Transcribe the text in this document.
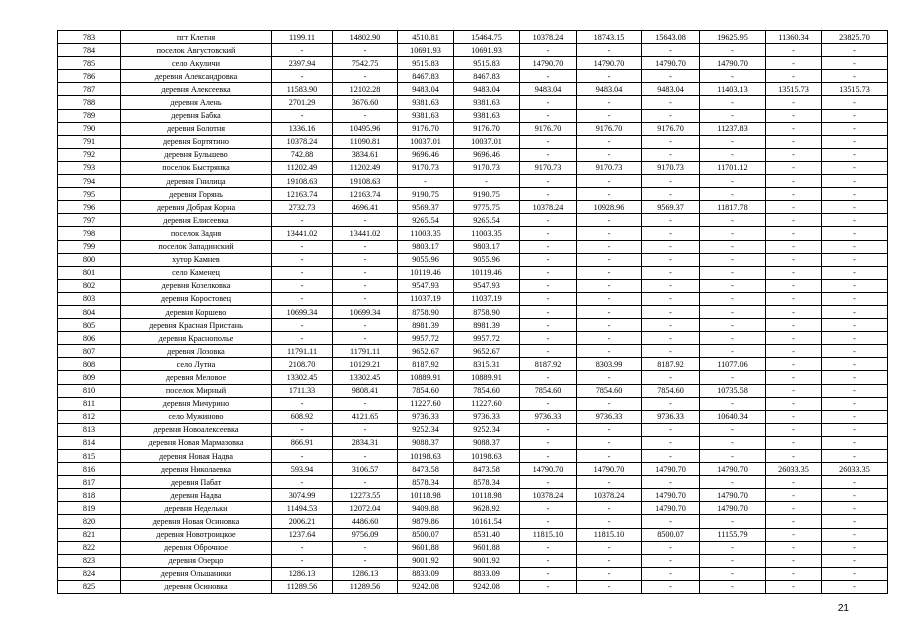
783	пгт Клетня	1199.11	14802.90	4510.81	15464.75	10378.24	18743.15	15643.08	19625.95	11360.34	23825.70
784	поселок Августовский	-	-	10691.93	10691.93	-	-	-	-	-	-
785	село Акуличи	2397.94	7542.75	9515.83	9515.83	14790.70	14790.70	14790.70	14790.70	-	-
786	деревня Александровка	-	-	8467.83	8467.83	-	-	-	-	-	-
787	деревня Алексеевка	11583.90	12102.28	9483.04	9483.04	9483.04	9483.04	9483.04	11403.13	13515.73	13515.73
788	деревня Алень	2701.29	3676.60	9381.63	9381.63	-	-	-	-	-	-
789	деревня Бабка	-	-	9381.63	9381.63	-	-	-	-	-	-
790	деревня Болотня	1336.16	10495.96	9176.70	9176.70	9176.70	9176.70	9176.70	11237.83	-	-
791	деревня Бортятино	10378.24	11090.81	10037.01	10037.01	-	-	-	-	-	-
792	деревня Бульшево	742.88	3834.61	9696.46	9696.46	-	-	-	-	-	-
793	поселок Быстрянка	11202.49	11202.49	9170.73	9170.73	9170.73	9170.73	9170.73	11701.12	-	-
794	деревня Гнилица	19108.63	19108.63	-	-	-	-	-	-	-	-
795	деревня Горянь	12163.74	12163.74	9190.75	9190.75	-	-	-	-	-	-
796	деревня Добрая Корна	2732.73	4696.41	9569.37	9775.75	10378.24	10928.96	9569.37	11817.78	-	-
797	деревня Елисеевка	-	-	9265.54	9265.54	-	-	-	-	-	-
798	поселок Задня	13441.02	13441.02	11003.35	11003.35	-	-	-	-	-	-
799	поселок Западинский	-	-	9803.17	9803.17	-	-	-	-	-	-
800	хутор Камнев	-	-	9055.96	9055.96	-	-	-	-	-	-
801	село Каменец	-	-	10119.46	10119.46	-	-	-	-	-	-
802	деревня Козелковка	-	-	9547.93	9547.93	-	-	-	-	-	-
803	деревня Коростовец	-	-	11037.19	11037.19	-	-	-	-	-	-
804	деревня Коршево	10699.34	10699.34	8758.90	8758.90	-	-	-	-	-	-
805	деревня Красная Пристань	-	-	8981.39	8981.39	-	-	-	-	-	-
806	деревня Краснополье	-	-	9957.72	9957.72	-	-	-	-	-	-
807	деревня Лозовка	11791.11	11791.11	9652.67	9652.67	-	-	-	-	-	-
808	село Лутна	2108.70	10129.21	8187.92	8315.31	8187.92	8303.99	8187.92	11077.06	-	-
809	деревня Меловое	13302.45	13302.45	10889.91	10889.91	-	-	-	-	-	-
810	поселок Мирный	1711.33	9808.41	7854.60	7854.60	7854.60	7854.60	7854.60	10735.58	-	-
811	деревня Мичурино	-	-	11227.60	11227.60	-	-	-	-	-	-
812	село Мужиново	608.92	4121.65	9736.33	9736.33	9736.33	9736.33	9736.33	10640.34	-	-
813	деревня Новоалексеевка	-	-	9252.34	9252.34	-	-	-	-	-	-
814	деревня Новая Мармазовка	866.91	2834.31	9088.37	9088.37	-	-	-	-	-	-
815	деревня Новая Надва	-	-	10198.63	10198.63	-	-	-	-	-	-
816	деревня Николаевка	593.94	3106.57	8473.58	8473.58	14790.70	14790.70	14790.70	14790.70	26033.35	26033.35
817	деревня Пабат	-	-	8578.34	8578.34	-	-	-	-	-	-
818	деревня Надва	3074.99	12273.55	10118.98	10118.98	10378.24	10378.24	14790.70	14790.70	-	-
819	деревня Недельки	11494.53	12072.04	9409.88	9628.92	-	-	14790.70	14790.70	-	-
820	деревня Новая Осиновка	2006.21	4486.60	9879.86	10161.54	-	-	-	-	-	-
821	деревня Новотроицкое	1237.64	9756.09	8500.07	8531.40	11815.10	11815.10	8500.07	11155.79	-	-
822	деревня Оброчное	-	-	9601.88	9601.88	-	-	-	-	-	-
823	деревня Озерцо	-	-	9001.92	9001.92	-	-	-	-	-	-
824	деревня Ольшаники	1286.13	1286.13	8833.09	8833.09	-	-	-	-	-	-
825	деревня Осиновка	11289.56	11289.56	9242.08	9242.08	-	-	-	-	-	-
21
